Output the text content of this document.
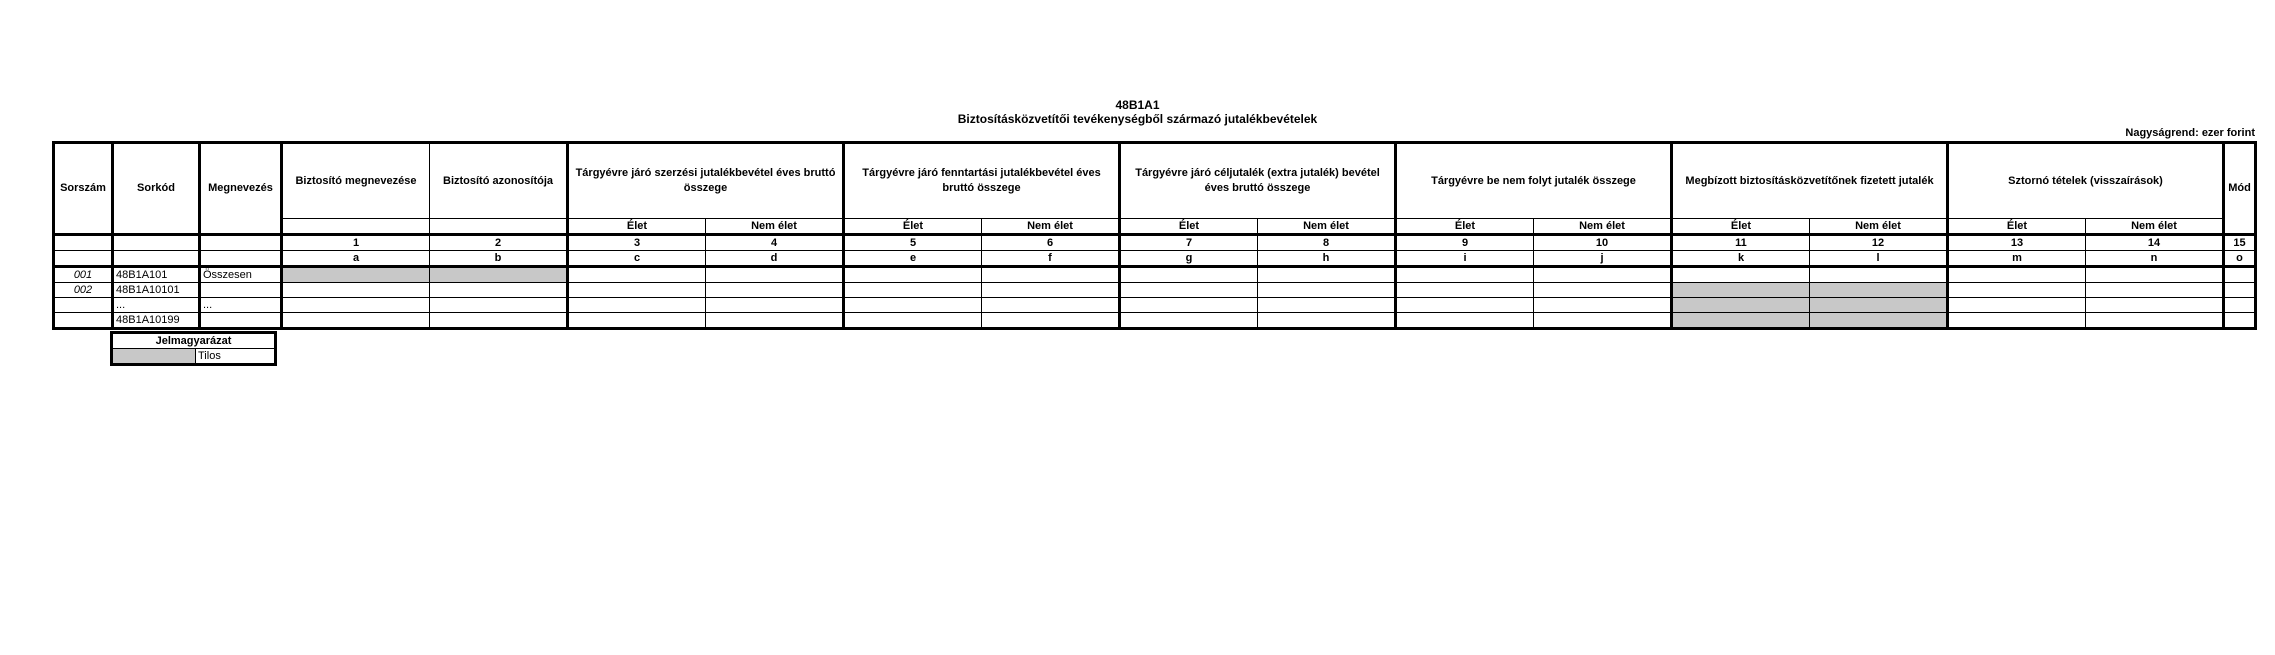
48B1A1
Biztosításközvetítői tevékenységből származó jutalékbevételek
Nagyságrend: ezer forint
Sorszám	Sorkód	Megnevezés	Biztosító megnevezése	Biztosító azonosítója	Tárgyévre járó szerzési jutalékbevétel éves bruttó összege		Tárgyévre járó fenntartási jutalékbevétel éves bruttó összege		Tárgyévre járó céljutalék (extra jutalék) bevétel éves bruttó összege		Tárgyévre be nem folyt jutalék összege		Megbízott biztosításközvetítőnek fizetett jutalék		Sztornó tételek (visszaírások)		Mód
					Élet	Nem élet	Élet	Nem élet	Élet	Nem élet	Élet	Nem élet	Élet	Nem élet	Élet	Nem élet	
			1	2	3	4	5	6	7	8	9	10	11	12	13	14	15
			a	b	c	d	e	f	g	h	i	j	k	l	m	n	o
001	48B1A101	Összesen															
002	48B1A10101																
	...	...															
	48B1A10199																
Jelmagyarázat
	Tilos
